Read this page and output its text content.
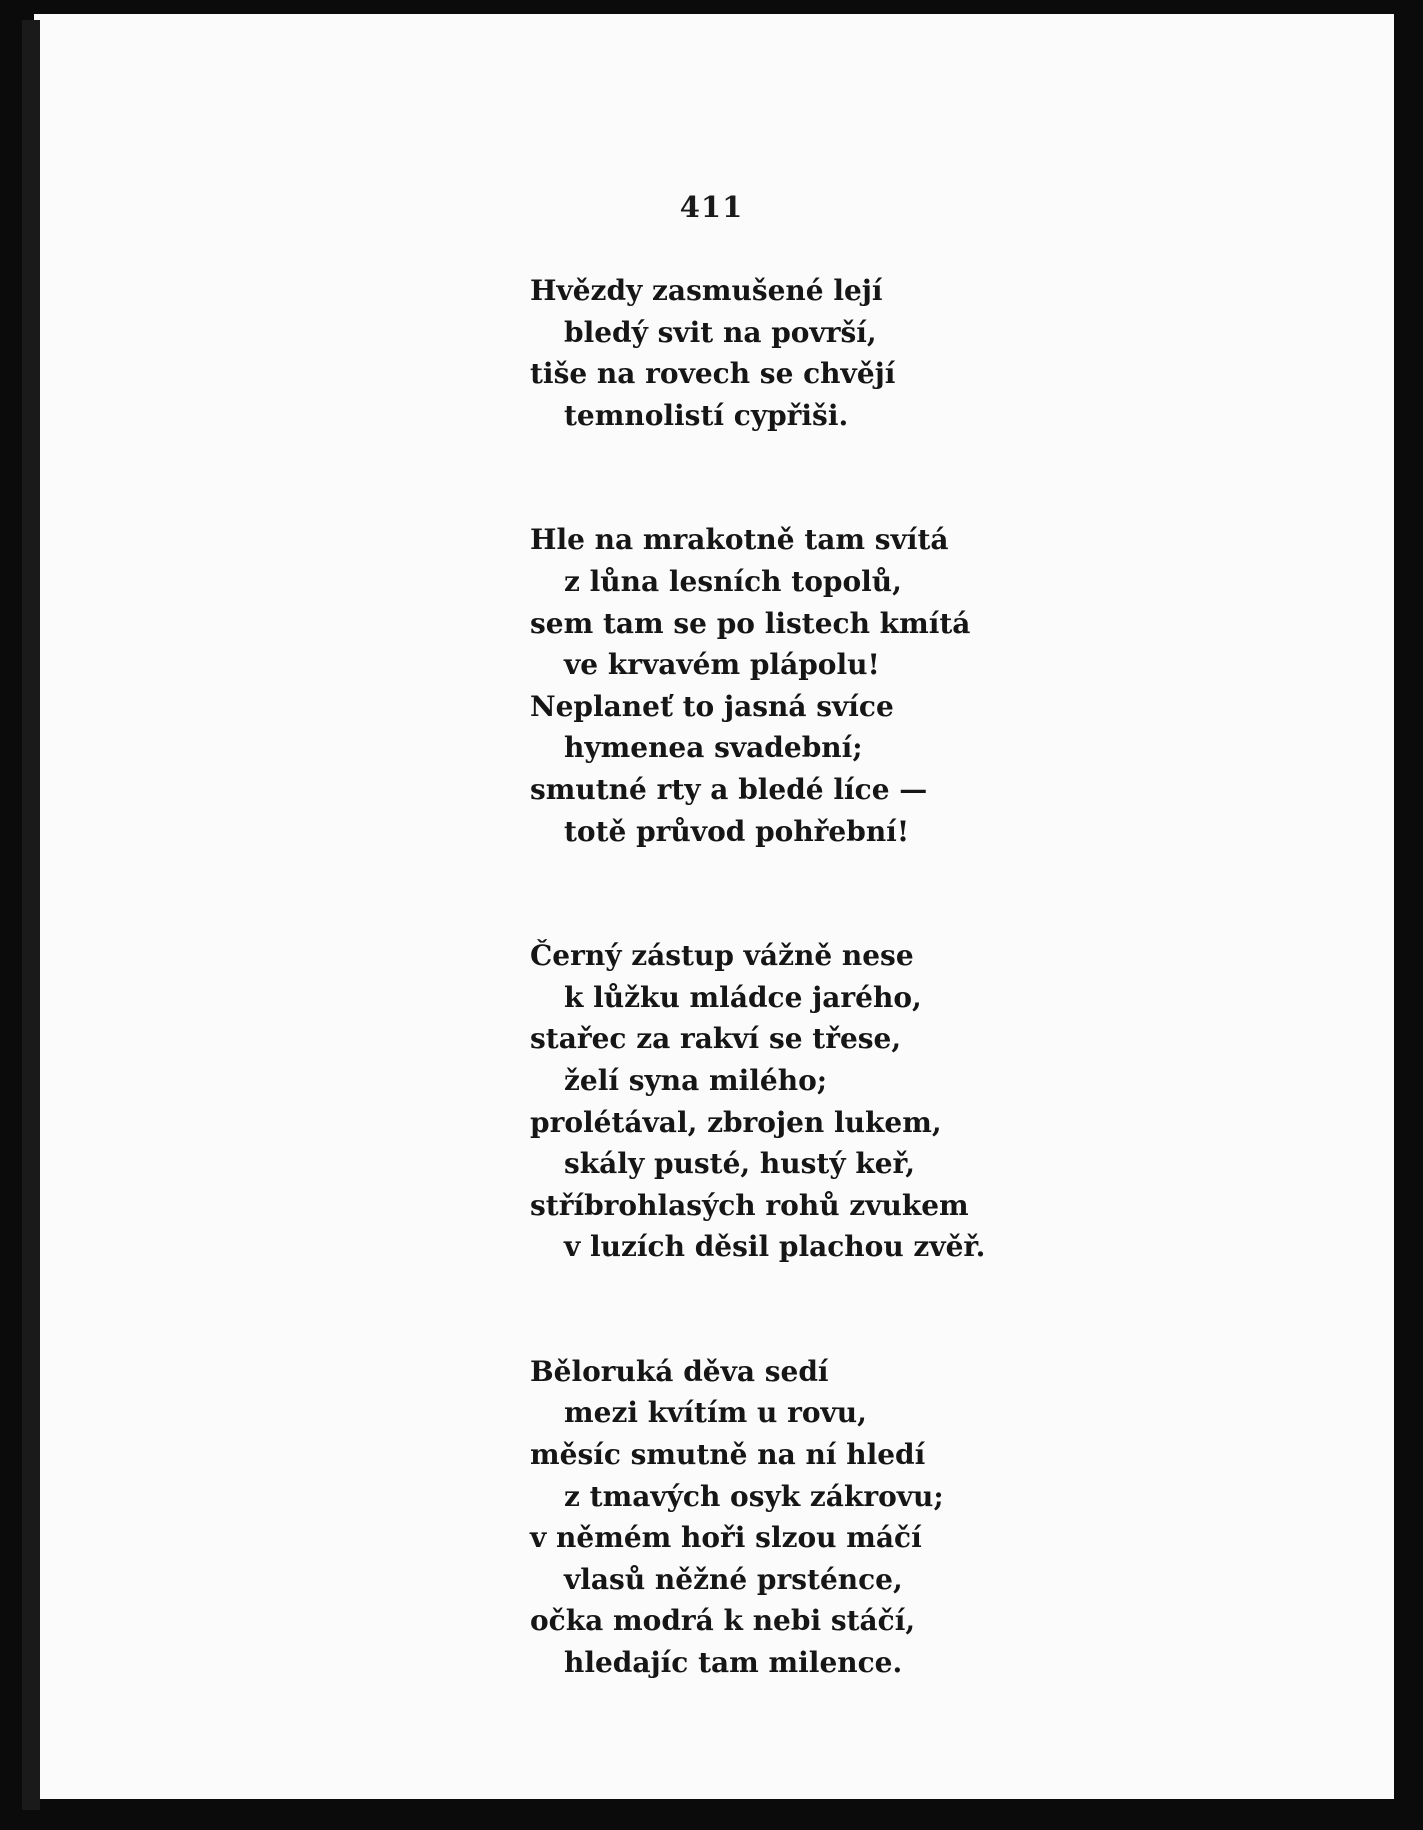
411
Hvězdy zasmušené lejí
bledý svit na površí,
tiše na rovech se chvějí
temnolistí cypřiši.
Hle na mrakotně tam svítá
z lůna lesních topolů,
sem tam se po listech kmítá
ve krvavém plápolu!
Neplaneť to jasná svíce
hymenea svadební;
smutné rty a bledé líce —
totě průvod pohřební!
Černý zástup vážně nese
k lůžku mládce jarého,
stařec za rakví se třese,
želí syna milého;
prolétával, zbrojen lukem,
skály pusté, hustý keř,
stříbrohlasých rohů zvukem
v luzích děsil plachou zvěř.
Běloruká děva sedí
mezi kvítím u rovu,
měsíc smutně na ní hledí
z tmavých osyk zákrovu;
v němém hoři slzou máčí
vlasů něžné prsténce,
očka modrá k nebi stáčí,
hledajíc tam milence.
